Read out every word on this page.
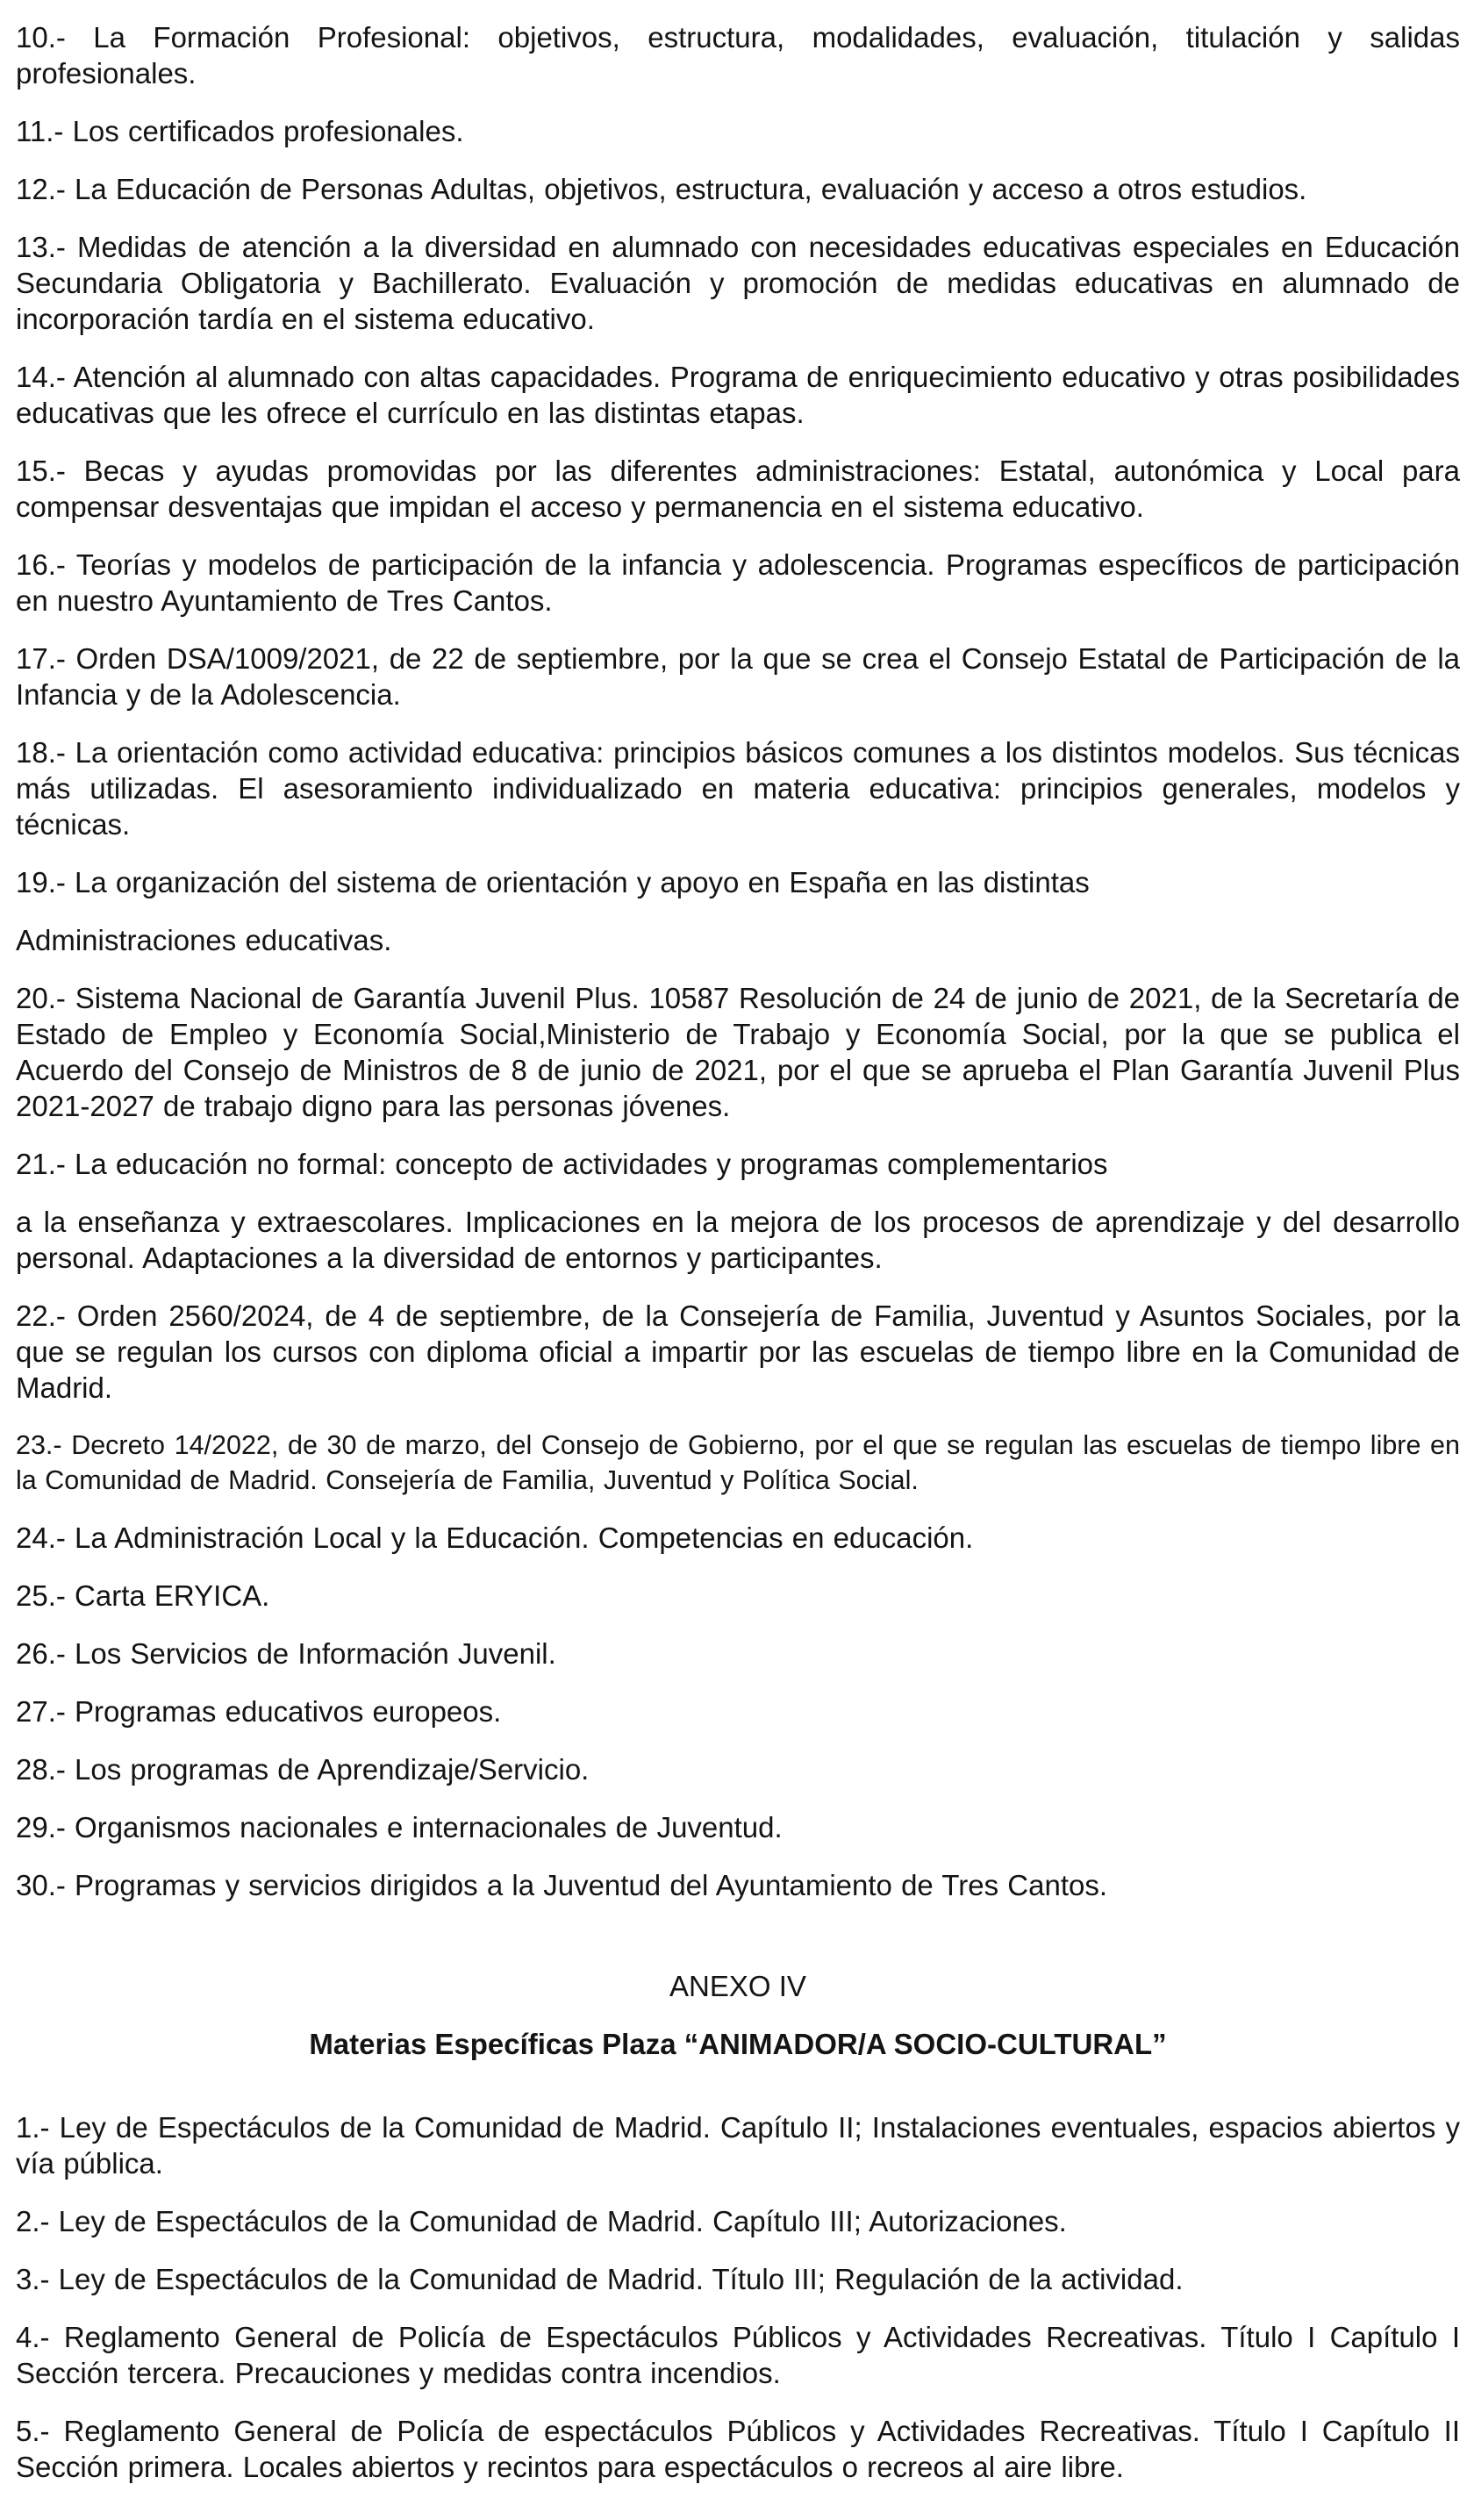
10.- La Formación Profesional: objetivos, estructura, modalidades, evaluación, titulación y salidas profesionales.

11.- Los certificados profesionales.

12.- La Educación de Personas Adultas, objetivos, estructura, evaluación y acceso a otros estudios.

13.- Medidas de atención a la diversidad en alumnado con necesidades educativas especiales en Educación Secundaria Obligatoria y Bachillerato. Evaluación y promoción de medidas educativas en alumnado de incorporación tardía en el sistema educativo.

14.- Atención al alumnado con altas capacidades. Programa de enriquecimiento educativo y otras posibilidades educativas que les ofrece el currículo en las distintas etapas.

15.- Becas y ayudas promovidas por las diferentes administraciones: Estatal, autonómica y Local para compensar desventajas que impidan el acceso y permanencia en el sistema educativo.

16.- Teorías y modelos de participación de la infancia y adolescencia. Programas específicos de participación en nuestro Ayuntamiento de Tres Cantos.

17.- Orden DSA/1009/2021, de 22 de septiembre, por la que se crea el Consejo Estatal de Participación de la Infancia y de la Adolescencia.

18.- La orientación como actividad educativa: principios básicos comunes a los distintos modelos. Sus técnicas más utilizadas. El asesoramiento individualizado en materia educativa: principios generales, modelos y técnicas.

19.- La organización del sistema de orientación y apoyo en España en las distintas

Administraciones educativas.

20.- Sistema Nacional de Garantía Juvenil Plus. 10587 Resolución de 24 de junio de 2021, de la Secretaría de Estado de Empleo y Economía Social,Ministerio de Trabajo y Economía Social, por la que se publica el Acuerdo del Consejo de Ministros de 8 de junio de 2021, por el que se aprueba el Plan Garantía Juvenil Plus 2021-2027 de trabajo digno para las personas jóvenes.

21.- La educación no formal: concepto de actividades y programas complementarios

a la enseñanza y extraescolares. Implicaciones en la mejora de los procesos de aprendizaje y del desarrollo personal. Adaptaciones a la diversidad de entornos y participantes.

22.- Orden 2560/2024, de 4 de septiembre, de la Consejería de Familia, Juventud y Asuntos Sociales, por la que se regulan los cursos con diploma oficial a impartir por las escuelas de tiempo libre en la Comunidad de Madrid.

23.- Decreto 14/2022, de 30 de marzo, del Consejo de Gobierno, por el que se regulan las escuelas de tiempo libre en la Comunidad de Madrid. Consejería de Familia, Juventud y Política Social.

24.- La Administración Local y la Educación. Competencias en educación.

25.- Carta ERYICA.

26.- Los Servicios de Información Juvenil.

27.- Programas educativos europeos.

28.- Los programas de Aprendizaje/Servicio.

29.- Organismos nacionales e internacionales de Juventud.

30.- Programas y servicios dirigidos a la Juventud del Ayuntamiento de Tres Cantos.

ANEXO IV

Materias Específicas Plaza “ANIMADOR/A SOCIO-CULTURAL”

1.- Ley de Espectáculos de la Comunidad de Madrid. Capítulo II; Instalaciones eventuales, espacios abiertos y vía pública.

2.- Ley de Espectáculos de la Comunidad de Madrid. Capítulo III; Autorizaciones.

3.- Ley de Espectáculos de la Comunidad de Madrid. Título III; Regulación de la actividad.

4.- Reglamento General de Policía de Espectáculos Públicos y Actividades Recreativas. Título I Capítulo I Sección tercera. Precauciones y medidas contra incendios.

5.- Reglamento General de Policía de espectáculos Públicos y Actividades Recreativas. Título I Capítulo II Sección primera. Locales abiertos y recintos para espectáculos o recreos al aire libre.
